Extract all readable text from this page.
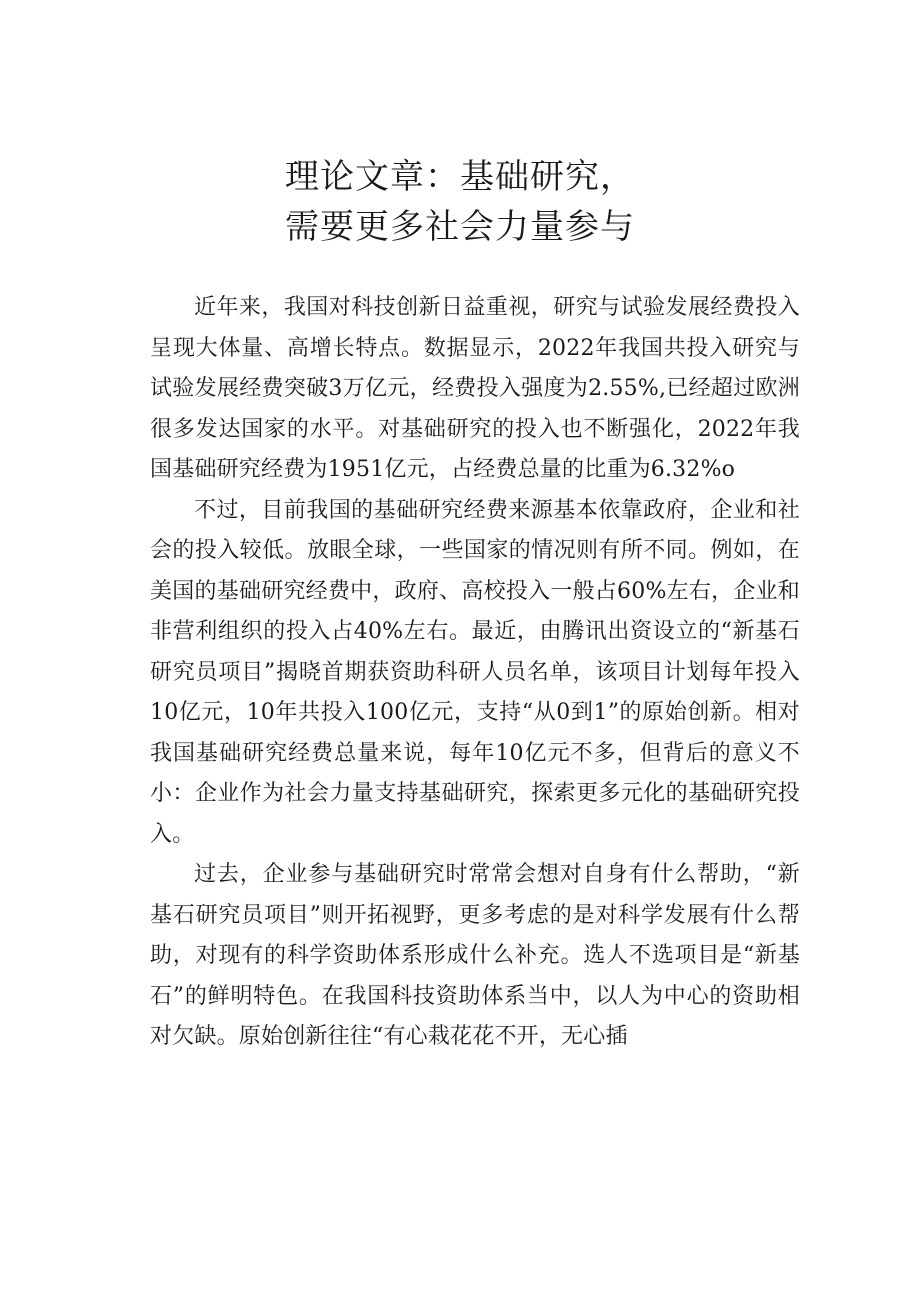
理论文章：基础研究，
需要更多社会力量参与

近年来，我国对科技创新日益重视，研究与试验发展经费投入呈现大体量、高增长特点。数据显示，2022年我国共投入研究与试验发展经费突破3万亿元，经费投入强度为2.55%,已经超过欧洲很多发达国家的水平。对基础研究的投入也不断强化，2022年我国基础研究经费为1951亿元，占经费总量的比重为6.32%o

不过，目前我国的基础研究经费来源基本依靠政府，企业和社会的投入较低。放眼全球，一些国家的情况则有所不同。例如，在美国的基础研究经费中，政府、高校投入一般占60%左右，企业和非营利组织的投入占40%左右。最近，由腾讯出资设立的“新基石研究员项目”揭晓首期获资助科研人员名单，该项目计划每年投入10亿元，10年共投入100亿元，支持“从0到1”的原始创新。相对我国基础研究经费总量来说，每年10亿元不多，但背后的意义不小：企业作为社会力量支持基础研究，探索更多元化的基础研究投入。

过去，企业参与基础研究时常常会想对自身有什么帮助，“新基石研究员项目”则开拓视野，更多考虑的是对科学发展有什么帮助，对现有的科学资助体系形成什么补充。选人不选项目是“新基石”的鲜明特色。在我国科技资助体系当中，以人为中心的资助相对欠缺。原始创新往往“有心栽花花不开，无心插
